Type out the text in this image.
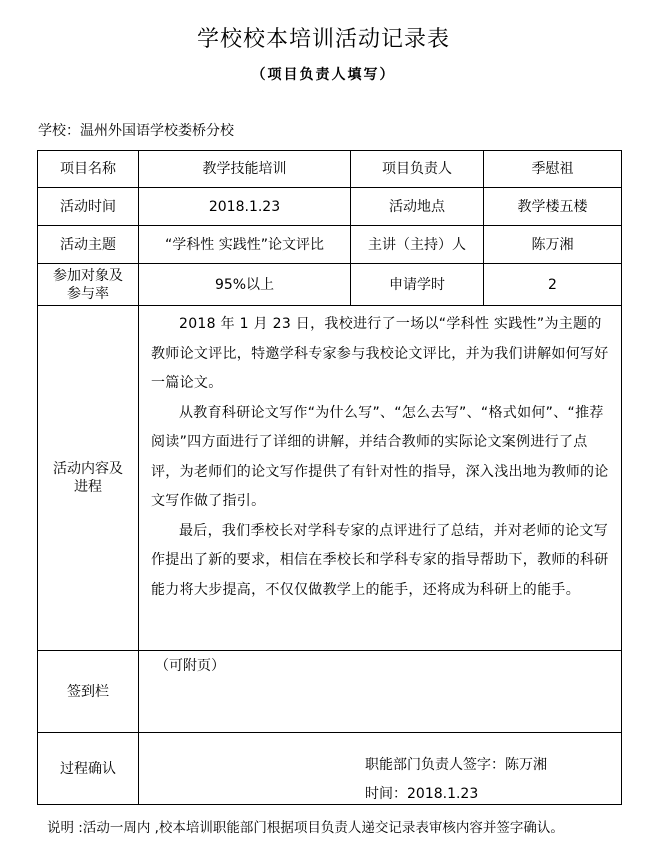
学校校本培训活动记录表
（项目负责人填写）
学校：温州外国语学校娄桥分校
项目名称	教学技能培训	项目负责人	季慰祖
活动时间	2018.1.23	活动地点	教学楼五楼
活动主题	“学科性 实践性”论文评比	主讲（主持）人	陈万湘
参加对象及参与率	95%以上	申请学时	2
活动内容及进程	2018 年 1 月 23 日，我校进行了一场以“学科性 实践性”为主题的教师论文评比，特邀学科专家参与我校论文评比，并为我们讲解如何写好一篇论文。

从教育科研论文写作“为什么写”、“怎么去写”、“格式如何”、“推荐阅读”四方面进行了详细的讲解，并结合教师的实际论文案例进行了点评，为老师们的论文写作提供了有针对性的指导，深入浅出地为教师的论文写作做了指引。

最后，我们季校长对学科专家的点评进行了总结，并对老师的论文写作提出了新的要求，相信在季校长和学科专家的指导帮助下，教师的科研能力将大步提高，不仅仅做教学上的能手，还将成为科研上的能手。		

签到栏	（可附页）		
过程确认	职能部门负责人签字：陈万湘
时间：2018.1.23		
说明 :活动一周内 ,校本培训职能部门根据项目负责人递交记录表审核内容并签字确认。
